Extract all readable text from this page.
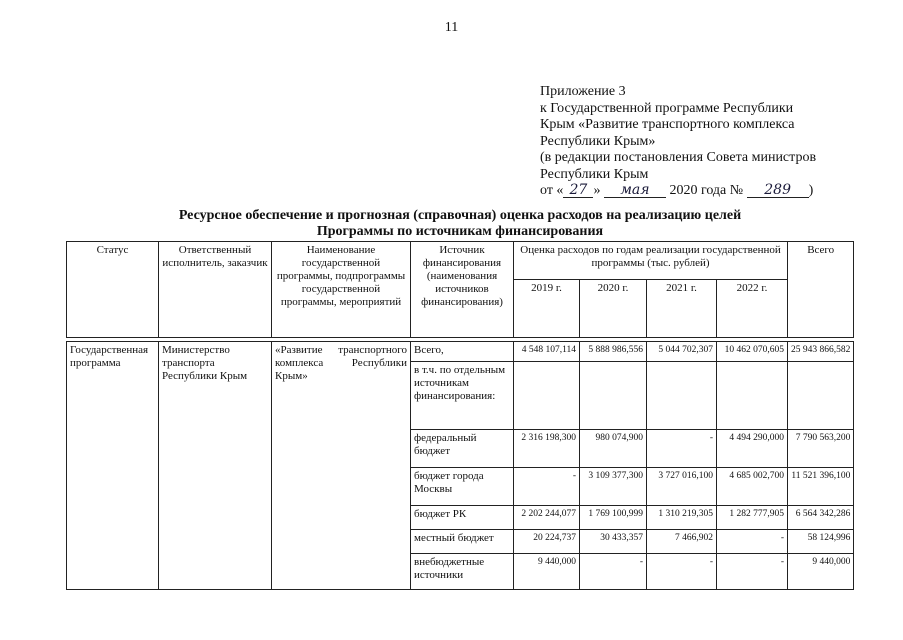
11
Приложение 3
к Государственной программе Республики
Крым «Развитие транспортного комплекса
Республики Крым»
(в редакции постановления Совета министров
Республики Крым
от « 27 » мая 2020 года № 289 )
Ресурсное обеспечение и прогнозная (справочная) оценка расходов на реализацию целей
Программы по источникам финансирования
Статус	Ответственный исполнитель, заказчик	Наименование государственной программы, подпрограммы государственной программы, мероприятий	Источник финансирования (наименования источников финансирования)	Оценка расходов по годам реализации государственной программы (тыс. рублей)				Всего
				2019 г.	2020 г.	2021 г.	2022 г.	

Государственная программа	Министерство транспорта Республики Крым	«Развитие транспортного комплекса Республики Крым»	Всего,	4 548 107,114	5 888 986,556	5 044 702,307	10 462 070,605	25 943 866,582
			в т.ч. по отдельным источникам финансирования:					
			федеральный бюджет	2 316 198,300	980 074,900	-	4 494 290,000	7 790 563,200
			бюджет города Москвы	-	3 109 377,300	3 727 016,100	4 685 002,700	11 521 396,100
			бюджет РК	2 202 244,077	1 769 100,999	1 310 219,305	1 282 777,905	6 564 342,286
			местный бюджет	20 224,737	30 433,357	7 466,902	-	58 124,996
			внебюджетные источники	9 440,000	-	-	-	9 440,000
